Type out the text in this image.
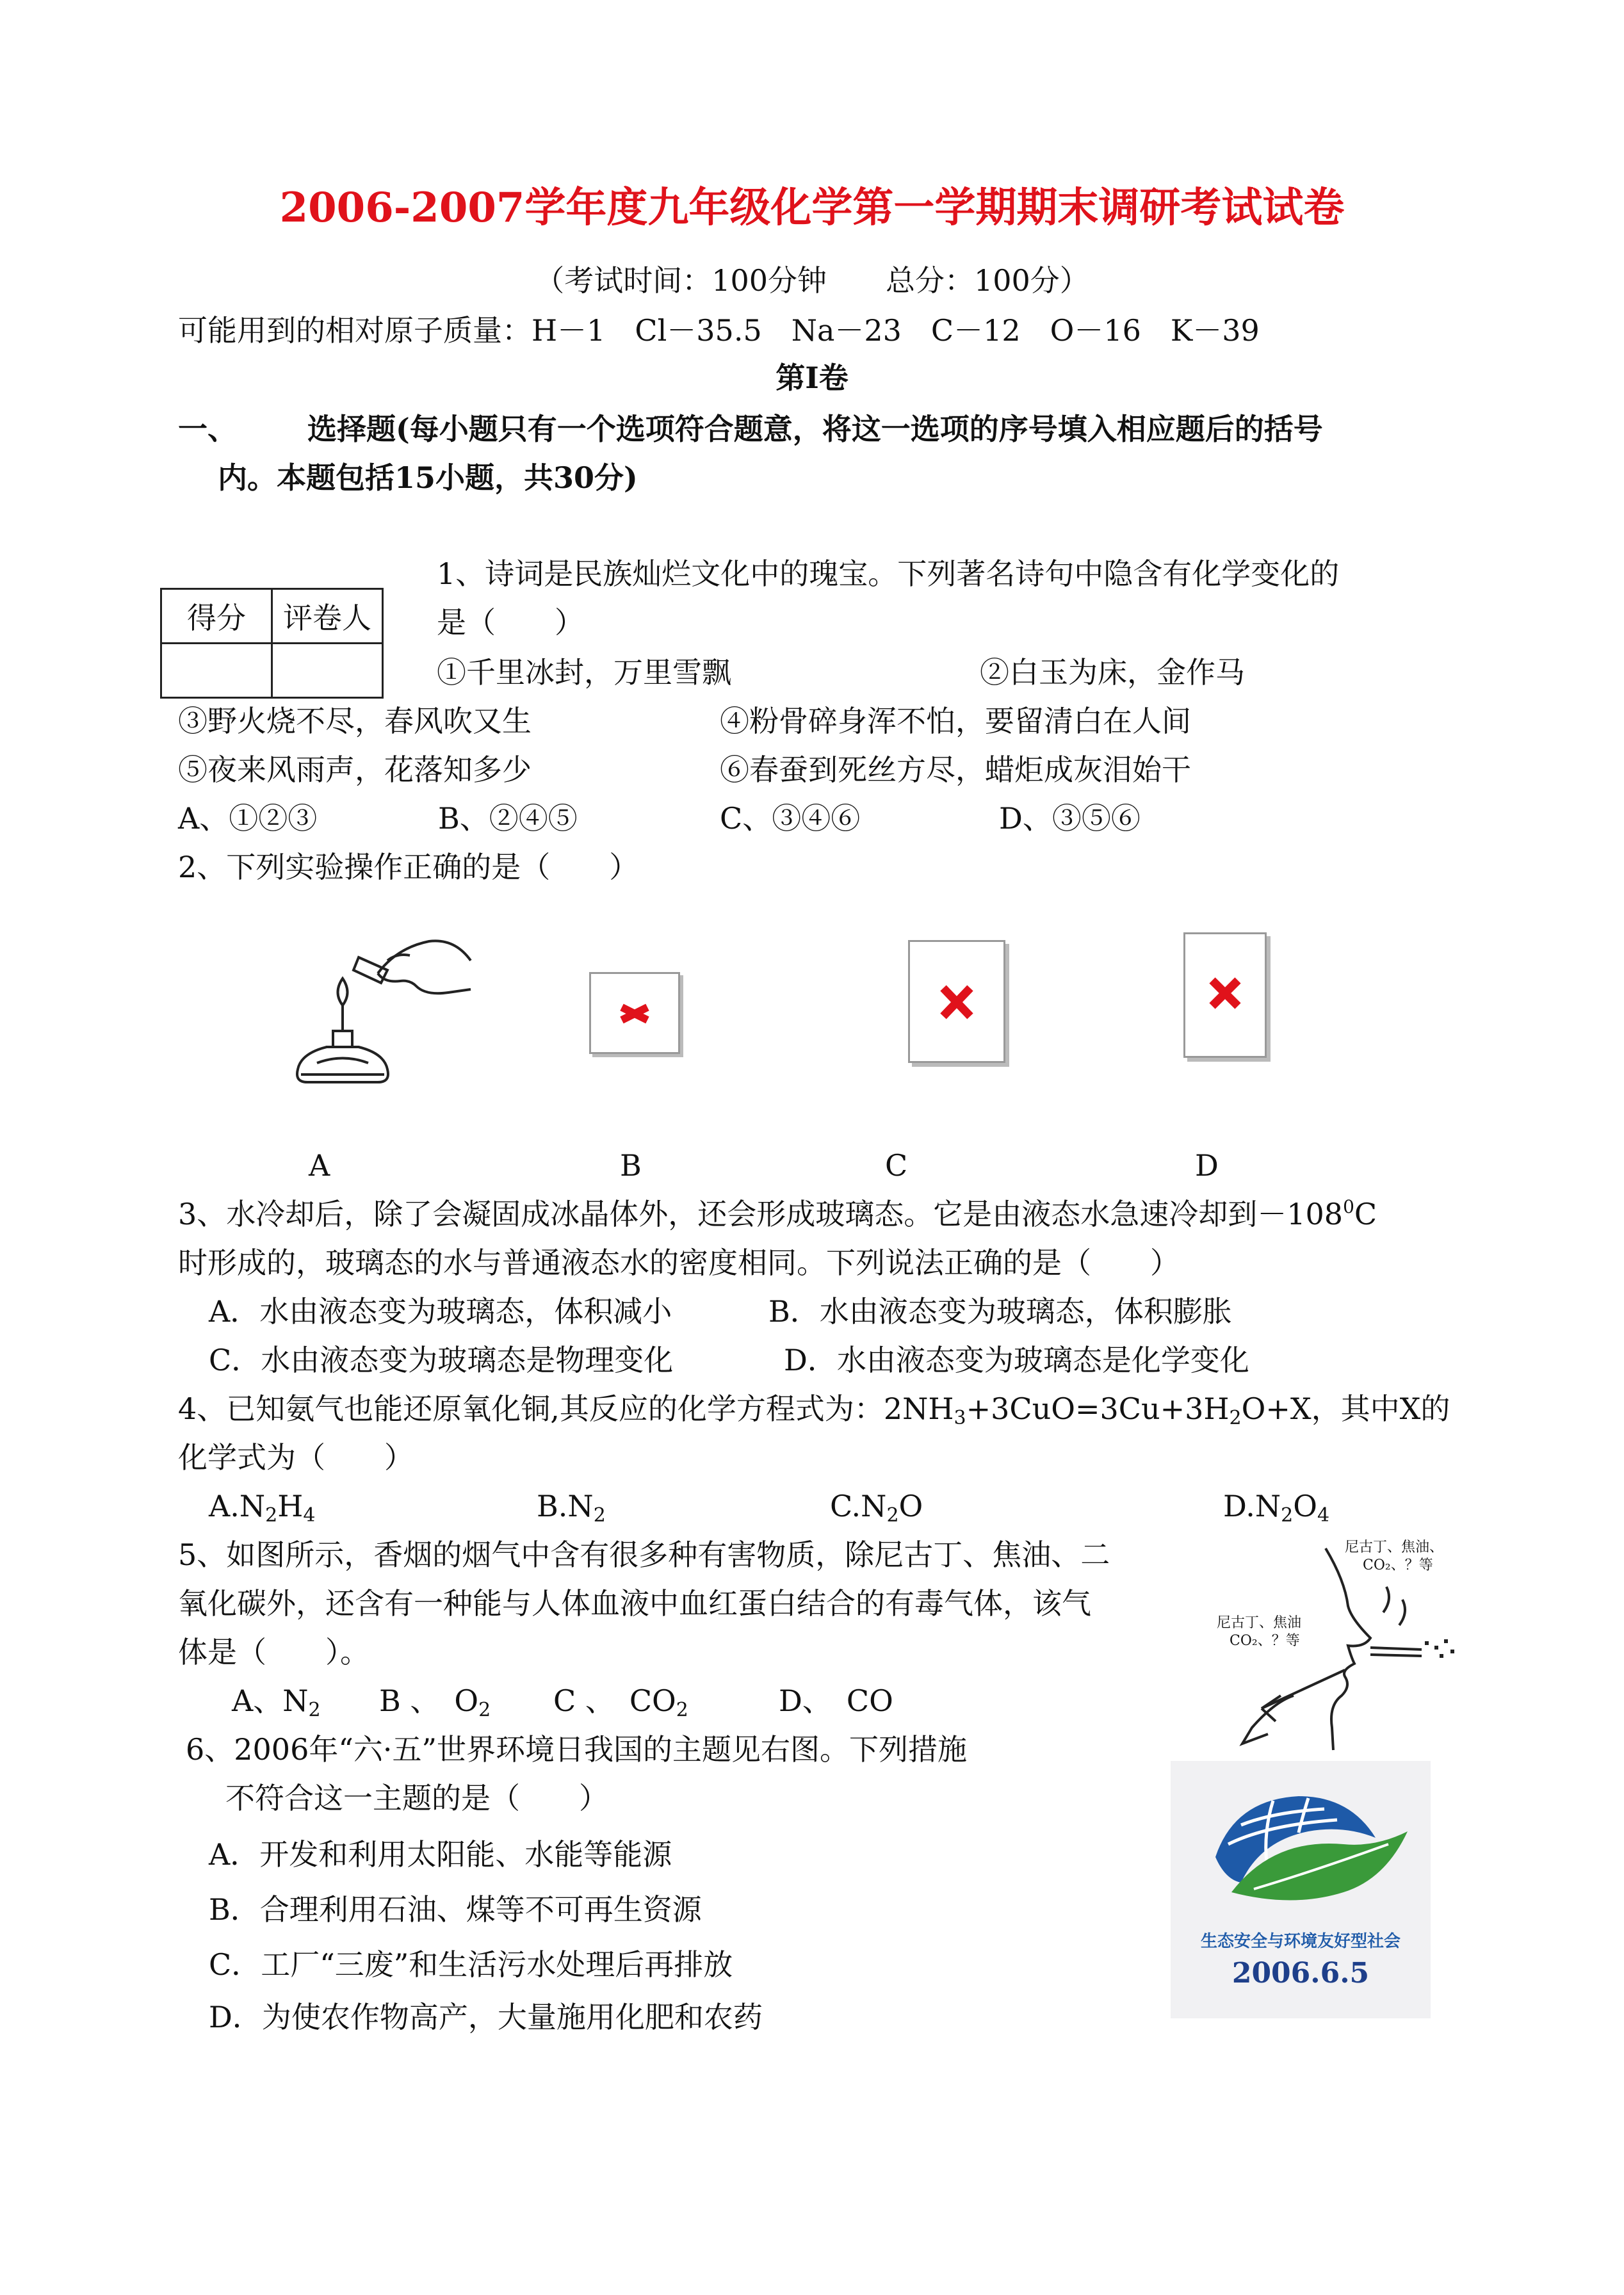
2006-2007学年度九年级化学第一学期期末调研考试试卷
（考试时间：100分钟　　总分：100分）
可能用到的相对原子质量：H－1　Cl－35.5　Na－23　C－12　O－16　K－39
第Ⅰ卷
一、 选择题(每小题只有一个选项符合题意，将这一选项的序号填入相应题后的括号
内。本题包括15小题，共30分)
得分	评卷人

1、诗词是民族灿烂文化中的瑰宝。下列著名诗句中隐含有化学变化的
是（　　）
①千里冰封，万里雪飘	②白玉为床，金作马
③野火烧不尽，春风吹又生	④粉骨碎身浑不怕，要留清白在人间
⑤夜来风雨声，花落知多少	⑥春蚕到死丝方尽，蜡炬成灰泪始干
A、①②③	B、②④⑤	C、③④⑥	D、③⑤⑥
2、下列实验操作正确的是（　　）
A	B	C	D
3、水冷却后，除了会凝固成冰晶体外，还会形成玻璃态。它是由液态水急速冷却到$-108^0C$
时形成的，玻璃态的水与普通液态水的密度相同。下列说法正确的是（　　）
A．水由液态变为玻璃态，体积减小	B．水由液态变为玻璃态，体积膨胀
C．水由液态变为玻璃态是物理变化	D．水由液态变为玻璃态是化学变化
4、已知氨气也能还原氧化铜,其反应的化学方程式为：$2NH_3+3CuO=3Cu+3H_2O+X$，其中X的
化学式为（　　）
$A.N_2H_4$	$B.N_2$	$C.N_2O$	$D.N_2O_4$
5、如图所示，香烟的烟气中含有很多种有害物质，除尼古丁、焦油、二
氧化碳外，还含有一种能与人体血液中血红蛋白结合的有毒气体，该气
体是（　　）。
A、$N_2$ B 、　$O_2$ C 、　$CO_2$	D、　CO
尼古丁、焦油、
CO₂、？等
尼古丁、焦油
CO₂、？等
6、2006年“六·五”世界环境日我国的主题见右图。下列措施
不符合这一主题的是（　　）
A．开发和利用太阳能、水能等能源
B．合理利用石油、煤等不可再生资源
C．工厂“三废”和生活污水处理后再排放
D．为使农作物高产，大量施用化肥和农药
生态安全与环境友好型社会
2006.6.5
